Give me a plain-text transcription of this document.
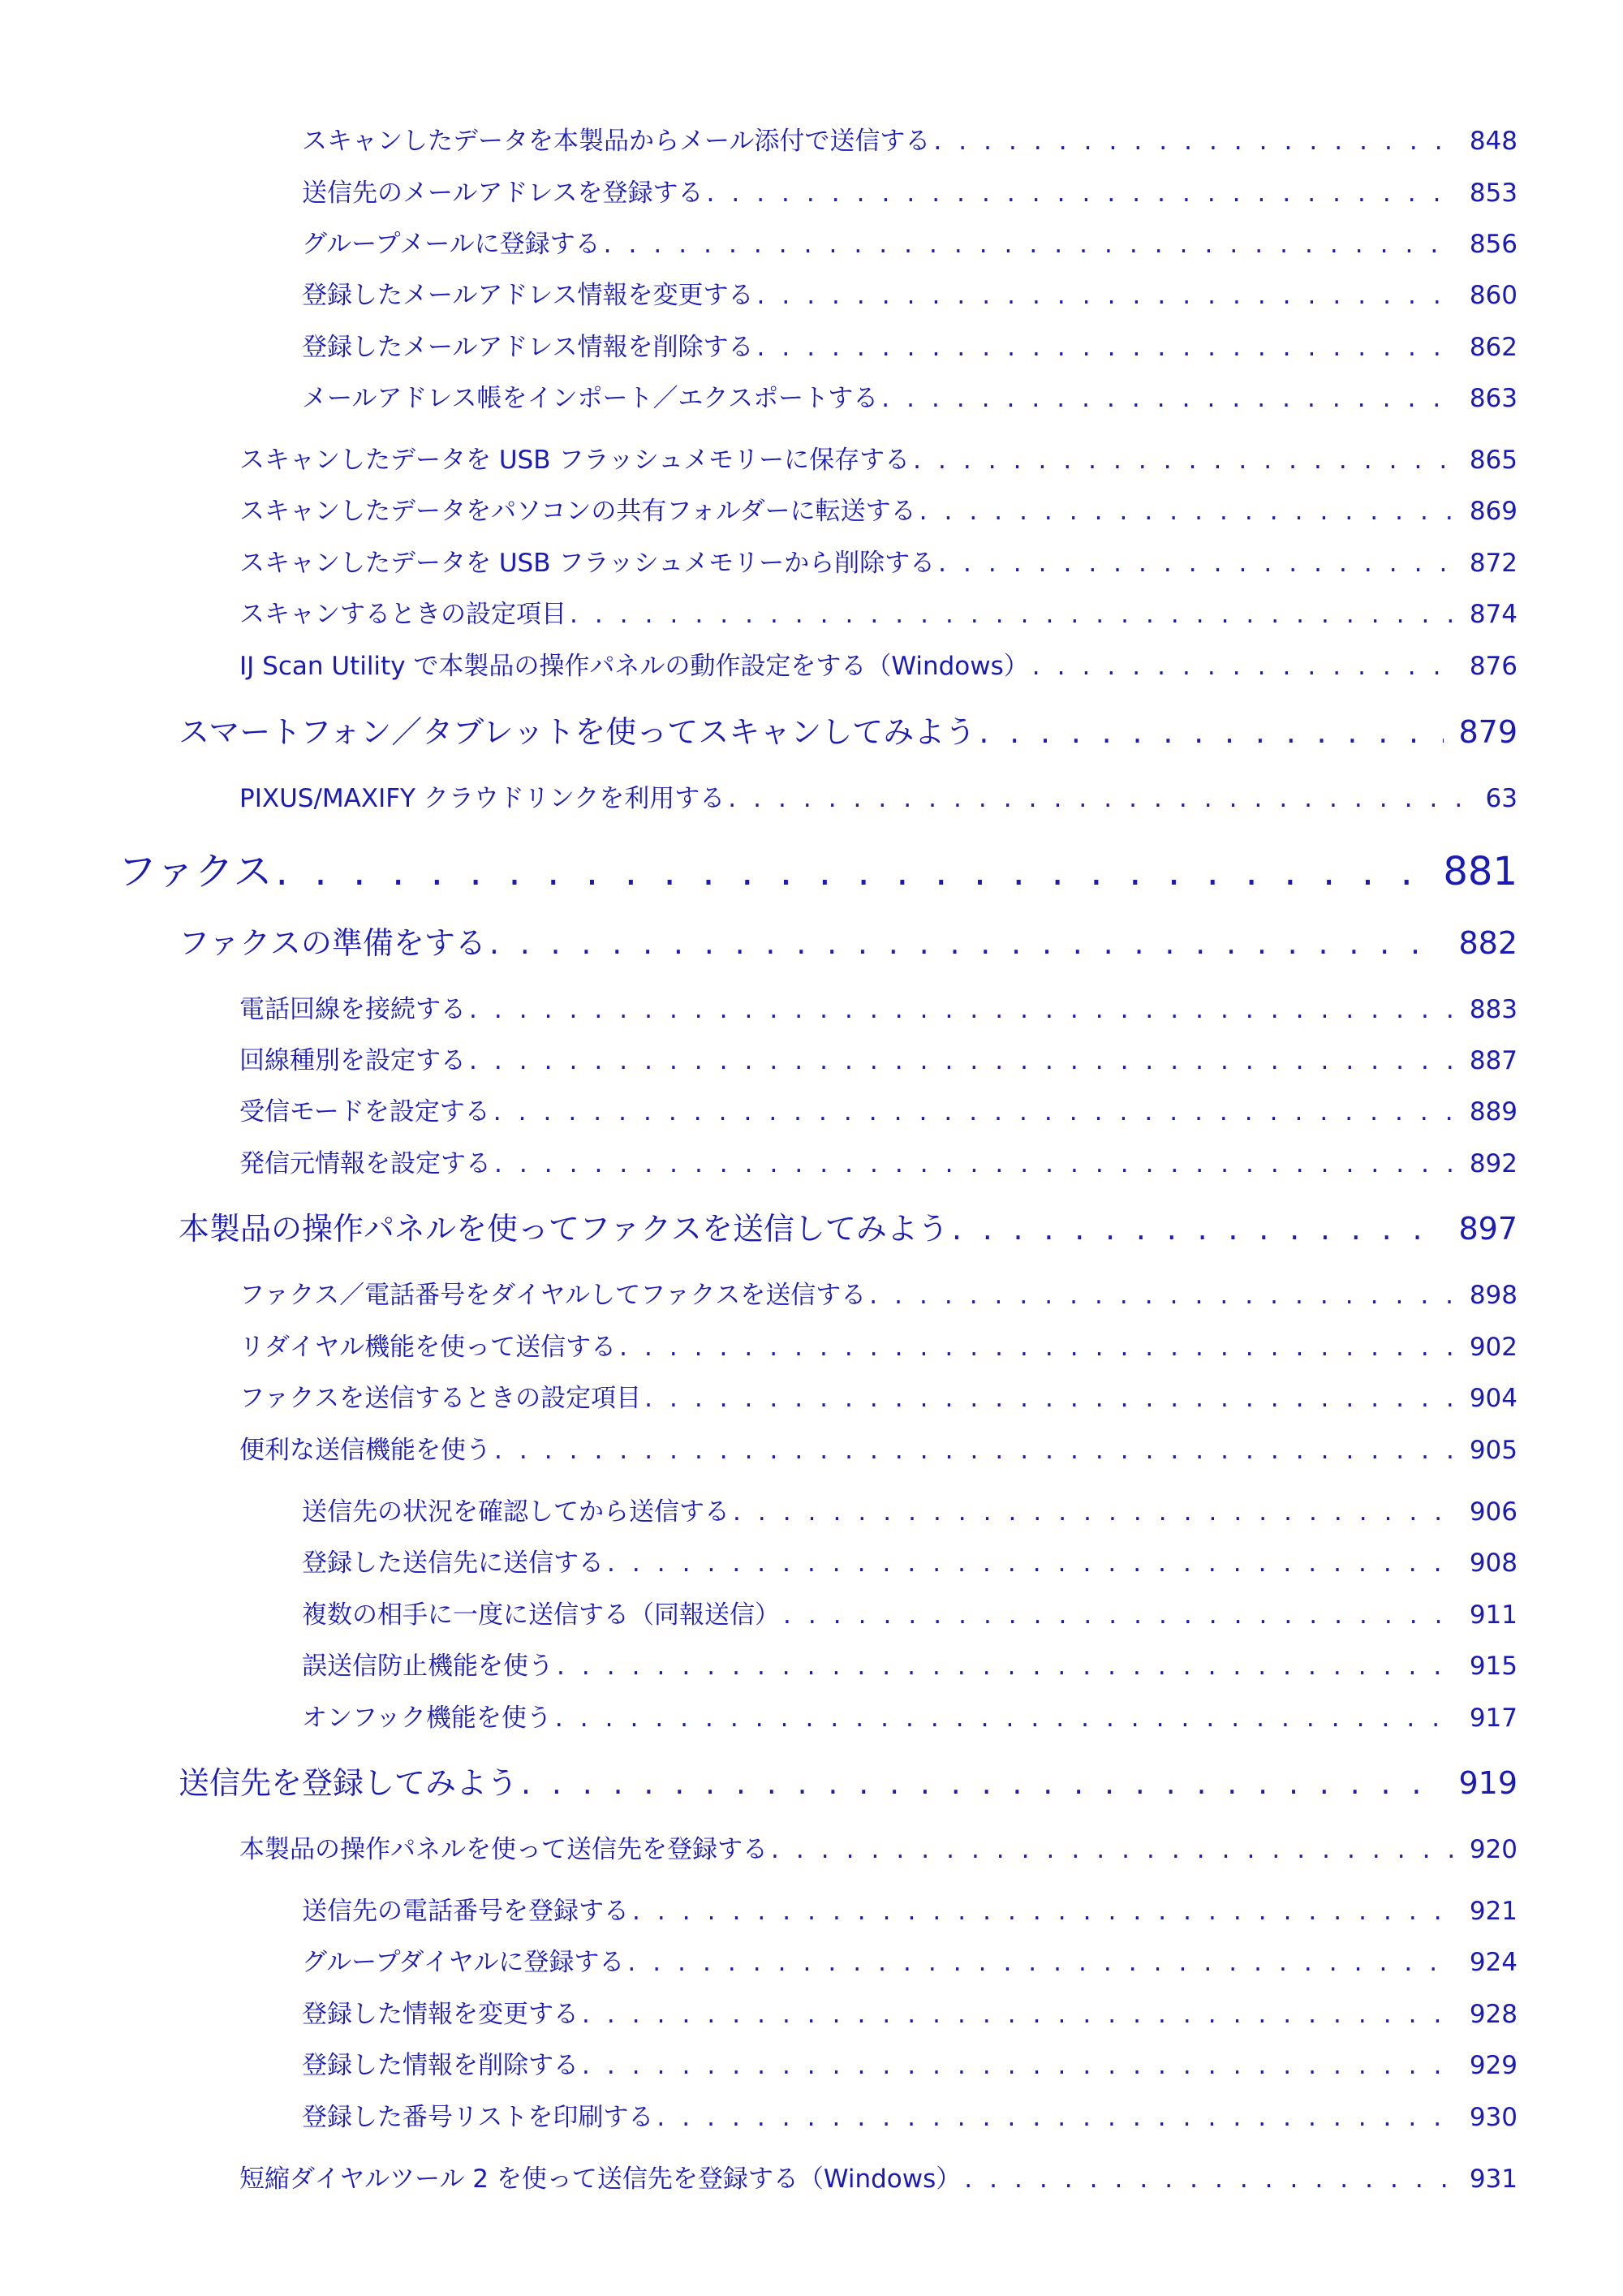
スキャンしたデータを本製品からメール添付で送信する . . .	848
送信先のメールアドレスを登録する . . .	853
グループメールに登録する . . .	856
登録したメールアドレス情報を変更する . . .	860
登録したメールアドレス情報を削除する . . .	862
メールアドレス帳をインポート／エクスポートする . . .	863
スキャンしたデータを USB フラッシュメモリーに保存する . . .	865
スキャンしたデータをパソコンの共有フォルダーに転送する . . .	869
スキャンしたデータを USB フラッシュメモリーから削除する . . .	872
スキャンするときの設定項目 . . .	874
IJ Scan Utility で本製品の操作パネルの動作設定をする（Windows） . . .	876
スマートフォン／タブレットを使ってスキャンしてみよう . . .	879
PIXUS/MAXIFY クラウドリンクを利用する . . .	63
ファクス . . .	881
ファクスの準備をする . . .	882
電話回線を接続する . . .	883
回線種別を設定する . . .	887
受信モードを設定する . . .	889
発信元情報を設定する . . .	892
本製品の操作パネルを使ってファクスを送信してみよう . . .	897
ファクス／電話番号をダイヤルしてファクスを送信する . . .	898
リダイヤル機能を使って送信する . . .	902
ファクスを送信するときの設定項目 . . .	904
便利な送信機能を使う . . .	905
送信先の状況を確認してから送信する . . .	906
登録した送信先に送信する . . .	908
複数の相手に一度に送信する（同報送信） . . .	911
誤送信防止機能を使う . . .	915
オンフック機能を使う . . .	917
送信先を登録してみよう . . .	919
本製品の操作パネルを使って送信先を登録する . . .	920
送信先の電話番号を登録する . . .	921
グループダイヤルに登録する . . .	924
登録した情報を変更する . . .	928
登録した情報を削除する . . .	929
登録した番号リストを印刷する . . .	930
短縮ダイヤルツール 2 を使って送信先を登録する（Windows） . . .	931
